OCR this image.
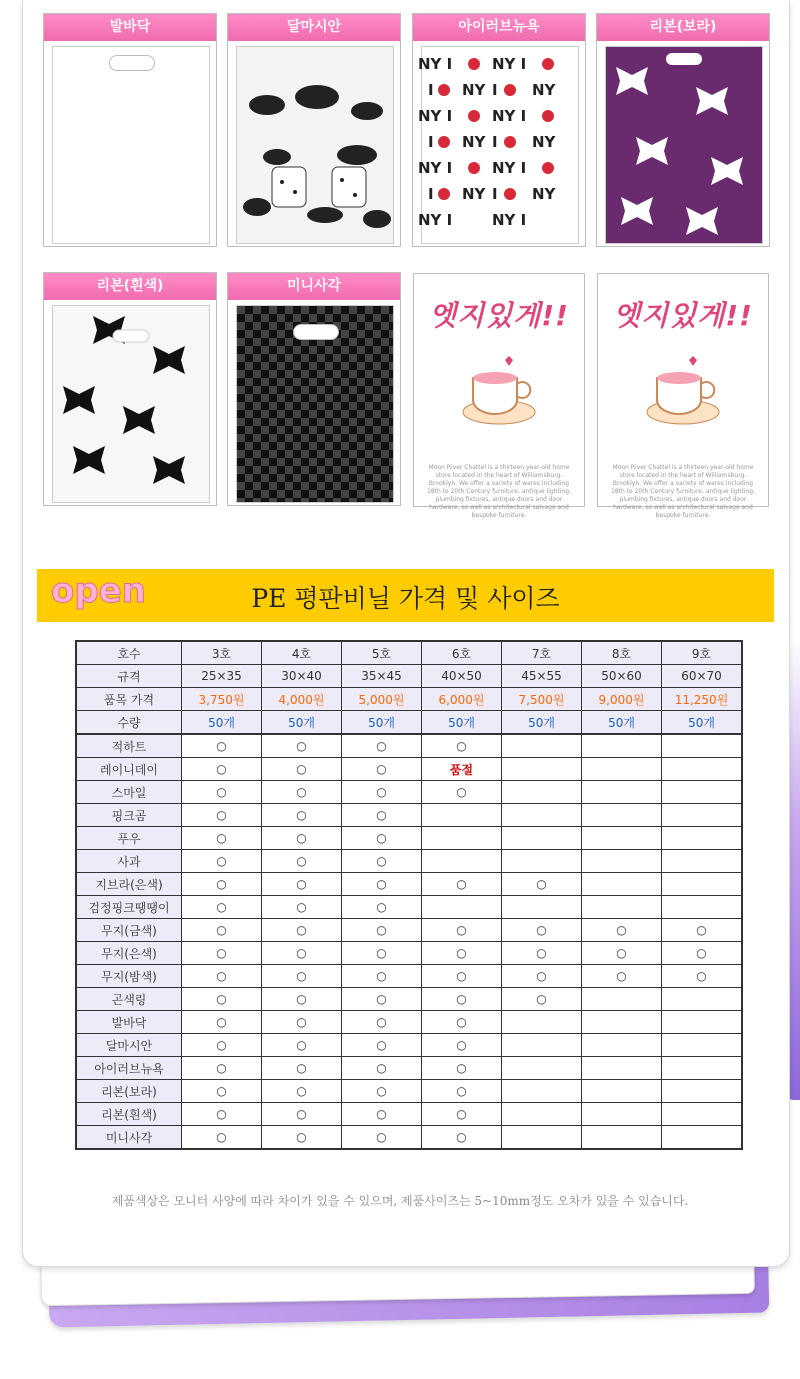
발바닥	달마시안	아이러브뉴욕
NY I	NY I
I	I
NY	NY
NY I	NY I
I	I
NY	NY
NY I	NY I
I	I
NY	NY
NY I	NY I
리본(보라)
리본(흰색)	미니사각
엣지있게!!
Moon River Chattel is a thirteen-year-old home store located in the heart of Williamsburg, Brooklyn. We offer a variety of wares including 18th to 20th Century furniture, antique lighting, plumbing fixtures, antique doors and door hardware, as well as architectural salvage and bespoke furniture.
엣지있게!!
Moon River Chattel is a thirteen-year-old home store located in the heart of Williamsburg, Brooklyn. We offer a variety of wares including 18th to 20th Century furniture, antique lighting, plumbing fixtures, antique doors and door hardware, as well as architectural salvage and bespoke furniture.
open	PE 평판비닐 가격 및 사이즈
호수	3호	4호	5호	6호	7호	8호	9호
규격	25×35	30×40	35×45	40×50	45×55	50×60	60×70
품목 가격	3,750원	4,000원	5,000원	6,000원	7,500원	9,000원	11,250원
수량	50개	50개	50개	50개	50개	50개	50개
적하트	○	○	○	○			
레이니데이	○	○	○	품절			
스마일	○	○	○	○			
핑크곰	○	○	○				
푸우	○	○	○				
사과	○	○	○				
지브라(은색)	○	○	○	○	○		
검정핑크땡땡이	○	○	○				
무지(금색)	○	○	○	○	○	○	○
무지(은색)	○	○	○	○	○	○	○
무지(밤색)	○	○	○	○	○	○	○
곤색링	○	○	○	○	○		
발바닥	○	○	○	○			
달마시안	○	○	○	○			
아이러브뉴욕	○	○	○	○			
리본(보라)	○	○	○	○			
리본(흰색)	○	○	○	○			
미니사각	○	○	○	○			
제품색상은 모니터 사양에 따라 차이가 있을 수 있으며, 제품사이즈는 5~10mm정도 오차가 있을 수 있습니다.
